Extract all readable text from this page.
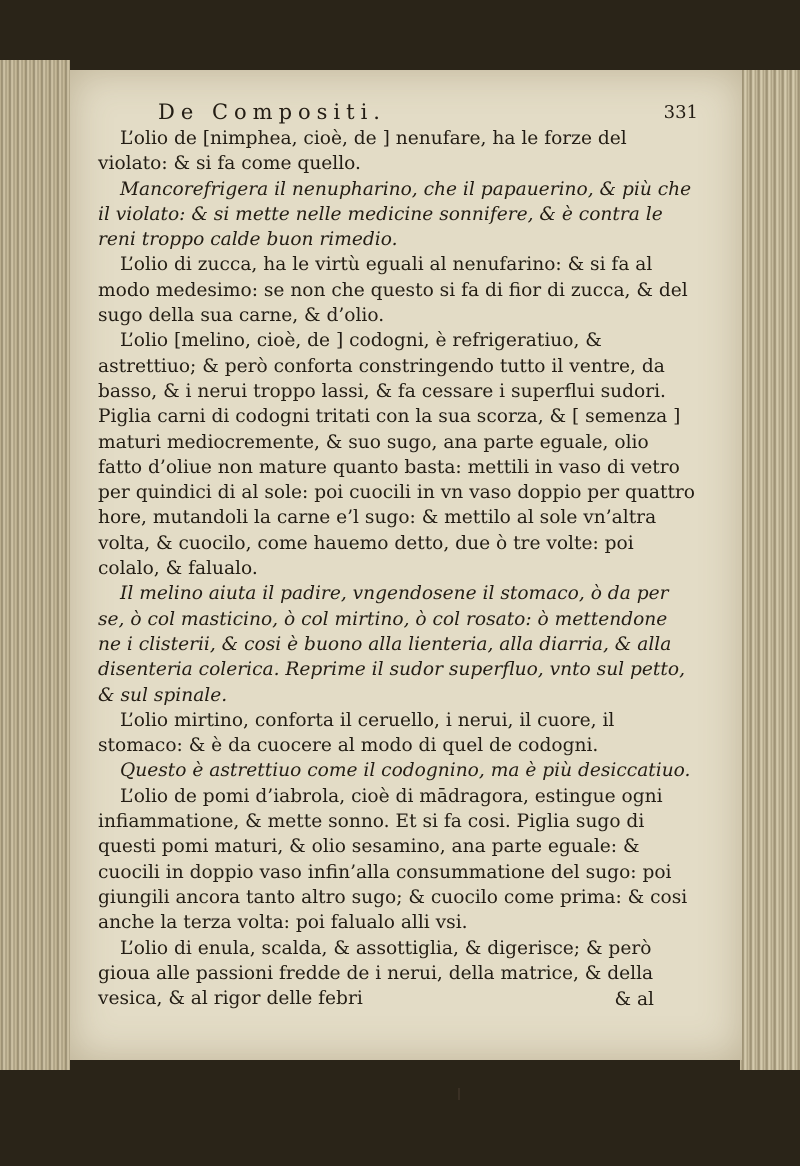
De Compositi.	331

L’olio de [nimphea, cioè, de ] nenufare, ha le forze del violato: & si fa come quello.

Mancorefrigera il nenupharino, che il papauerino, & più che il violato: & si mette nelle medicine sonnifere, & è contra le reni troppo calde buon rimedio.

L’olio di zucca, ha le virtù eguali al nenufarino: & si fa al modo medesimo: se non che questo si fa di fior di zucca, & del sugo della sua carne, & d’olio.

L’olio [melino, cioè, de ] codogni, è refrigeratiuo, & astrettiuo; & però conforta constringendo tutto il ventre, da basso, & i nerui troppo lassi, & fa cessare i superflui sudori. Piglia carni di codogni tritati con la sua scorza, & [ semenza ] maturi mediocremente, & suo sugo, ana parte eguale, olio fatto d’oliue non mature quanto basta: mettili in vaso di vetro per quindici di al sole: poi cuocili in vn vaso doppio per quattro hore, mutandoli la carne e’l sugo: & mettilo al sole vn’altra volta, & cuocilo, come hauemo detto, due ò tre volte: poi colalo, & falualo.

Il melino aiuta il padire, vngendosene il stomaco, ò da per se, ò col masticino, ò col mirtino, ò col rosato: ò mettendone ne i clisterii, & cosi è buono alla lienteria, alla diarria, & alla disenteria colerica. Reprime il sudor superfluo, vnto sul petto, & sul spinale.

L’olio mirtino, conforta il ceruello, i nerui, il cuore, il stomaco: & è da cuocere al modo di quel de codogni.

Questo è astrettiuo come il codognino, ma è più desiccatiuo.

L’olio de pomi d’iabrola, cioè di mādragora, estingue ogni infiammatione, & mette sonno. Et si fa cosi. Piglia sugo di questi pomi maturi, & olio sesamino, ana parte eguale: & cuocili in doppio vaso infin’alla consummatione del sugo: poi giungili ancora tanto altro sugo; & cuocilo come prima: & cosi anche la terza volta: poi falualo alli vsi.

L’olio di enula, scalda, & assottiglia, & digerisce; & però gioua alle passioni fredde de i nerui, della matrice, & della vesica, & al rigor delle febri	& al
